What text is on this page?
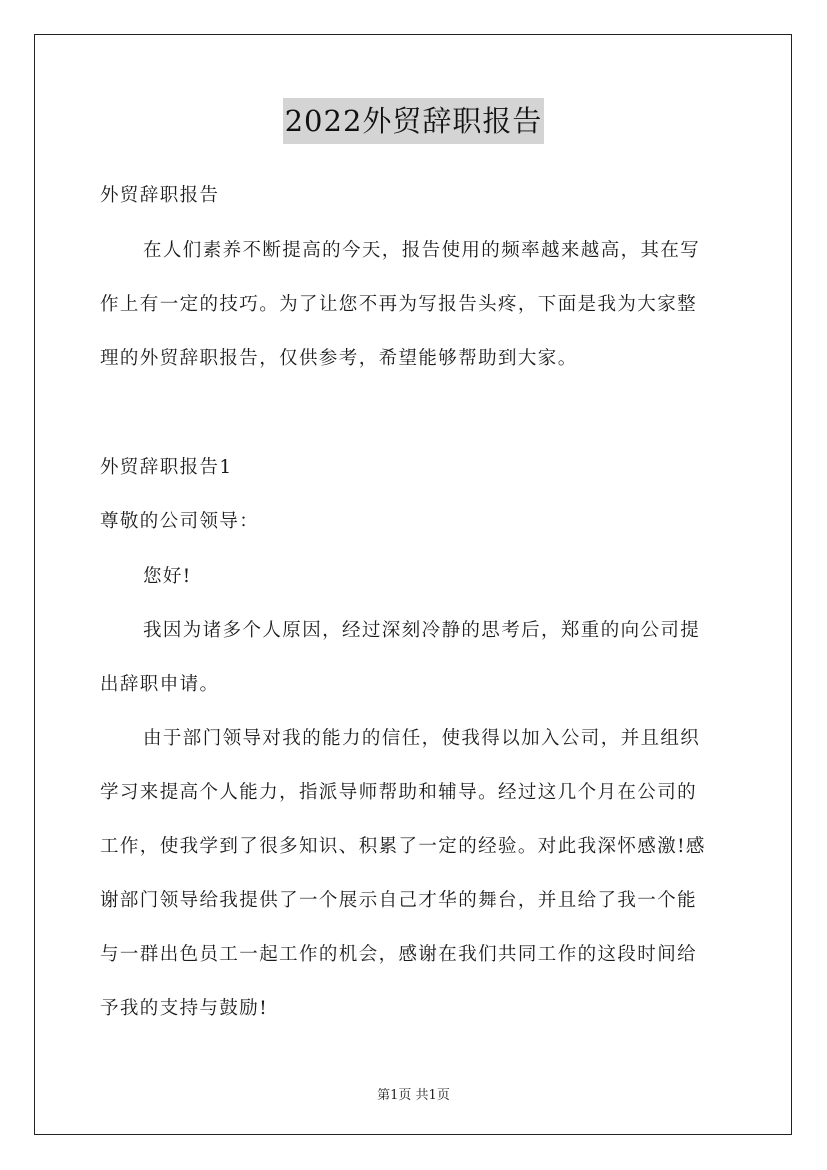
2022外贸辞职报告
外贸辞职报告
在人们素养不断提高的今天，报告使用的频率越来越高，其在写
作上有一定的技巧。为了让您不再为写报告头疼，下面是我为大家整
理的外贸辞职报告，仅供参考，希望能够帮助到大家。
外贸辞职报告1
尊敬的公司领导：
您好!
我因为诸多个人原因，经过深刻冷静的思考后，郑重的向公司提
出辞职申请。
由于部门领导对我的能力的信任，使我得以加入公司，并且组织
学习来提高个人能力，指派导师帮助和辅导。经过这几个月在公司的
工作，使我学到了很多知识、积累了一定的经验。对此我深怀感激!感
谢部门领导给我提供了一个展示自己才华的舞台，并且给了我一个能
与一群出色员工一起工作的机会，感谢在我们共同工作的这段时间给
予我的支持与鼓励!
第1页 共1页
